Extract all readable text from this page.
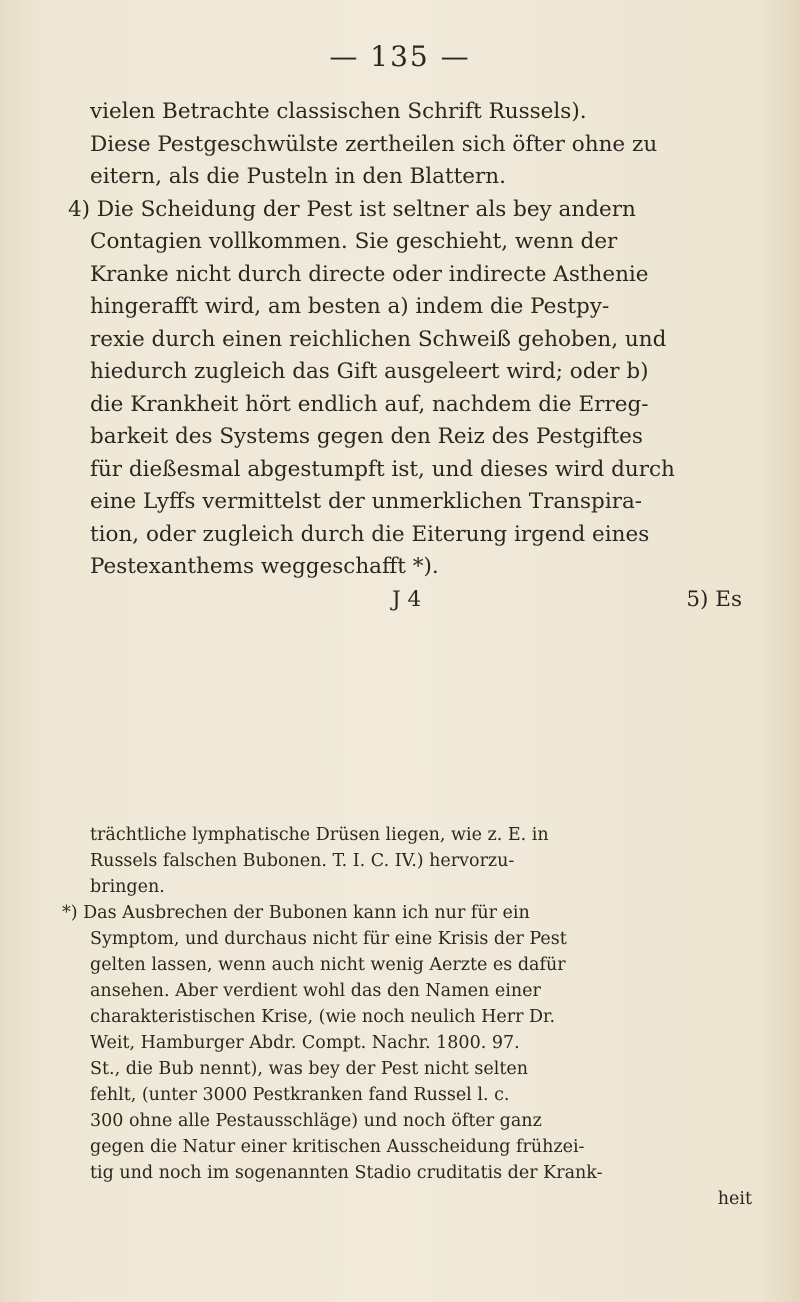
— 135 —
vielen Betrachte classischen Schrift Russels).
Diese Pestgeschwülste zertheilen sich öfter ohne zu
eitern, als die Pusteln in den Blattern.
4) Die Scheidung der Pest ist seltner als bey andern
Contagien vollkommen. Sie geschieht, wenn der
Kranke nicht durch directe oder indirecte Asthenie
hingerafft wird, am besten a) indem die Pestpy-
rexie durch einen reichlichen Schweiß gehoben, und
hiedurch zugleich das Gift ausgeleert wird; oder b)
die Krankheit hört endlich auf, nachdem die Erreg-
barkeit des Systems gegen den Reiz des Pestgiftes
für dießesmal abgestumpft ist, und dieses wird durch
eine Lyffs vermittelst der unmerklichen Transpira-
tion, oder zugleich durch die Eiterung irgend eines
Pestexanthems weggeschafft *).
J 4	5) Es
trächtliche lymphatische Drüsen liegen, wie z. E. in
Russels falschen Bubonen. T. I. C. IV.) hervorzu-
bringen.
*) Das Ausbrechen der Bubonen kann ich nur für ein
Symptom, und durchaus nicht für eine Krisis der Pest
gelten lassen, wenn auch nicht wenig Aerzte es dafür
ansehen. Aber verdient wohl das den Namen einer
charakteristischen Krise, (wie noch neulich Herr Dr.
Weit, Hamburger Abdr. Compt. Nachr. 1800. 97.
St., die Bub nennt), was bey der Pest nicht selten
fehlt, (unter 3000 Pestkranken fand Russel l. c.
300 ohne alle Pestausschläge) und noch öfter ganz
gegen die Natur einer kritischen Ausscheidung frühzei-
tig und noch im sogenannten Stadio cruditatis der Krank-
heit
